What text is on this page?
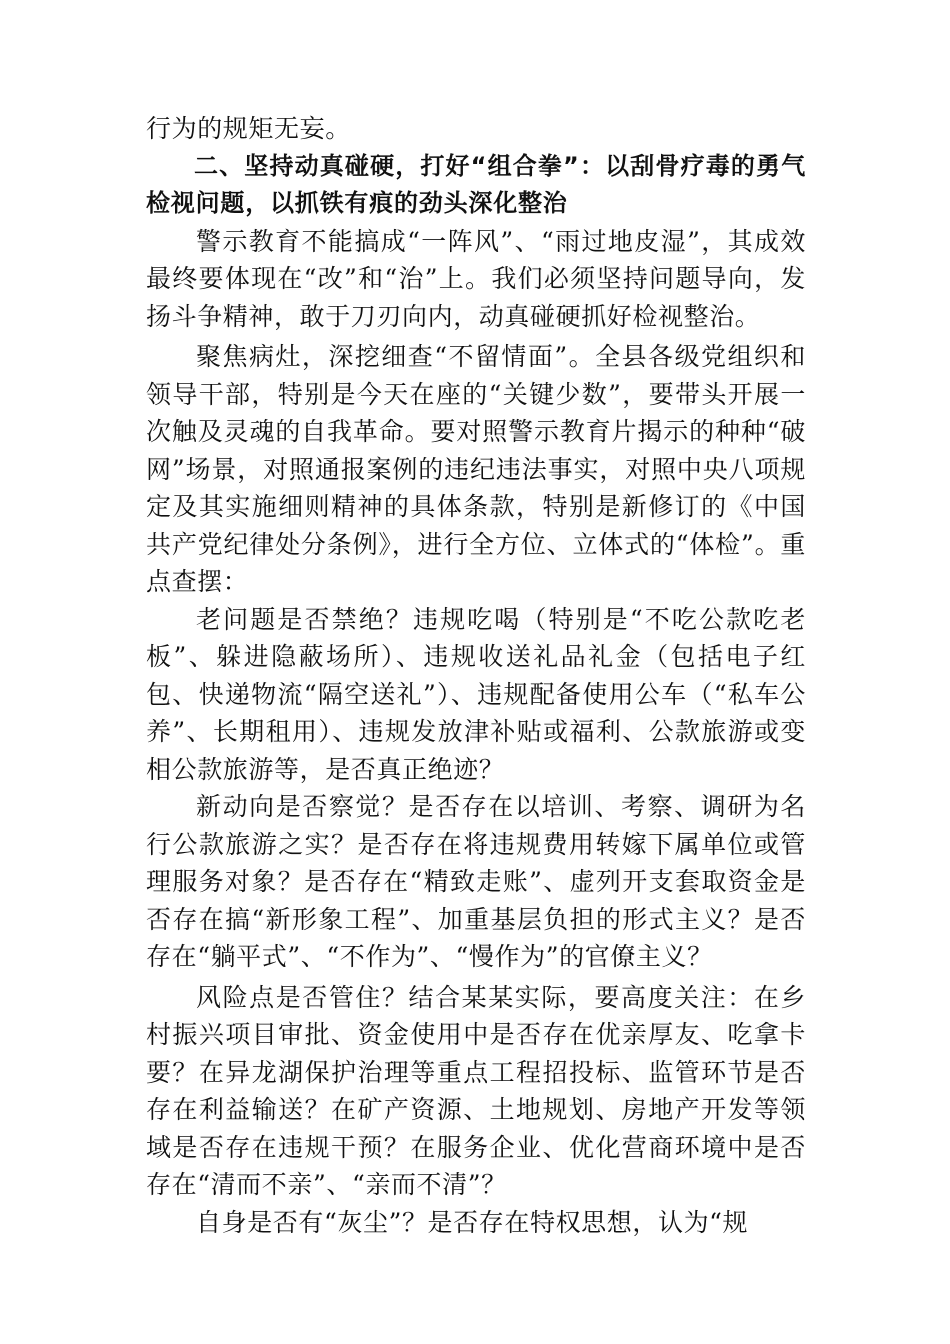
行为的规矩无妄。

二、坚持动真碰硬，打好“组合拳”：以刮骨疗毒的勇气检视问题，以抓铁有痕的劲头深化整治

警示教育不能搞成“一阵风”、“雨过地皮湿”，其成效最终要体现在“改”和“治”上。我们必须坚持问题导向，发扬斗争精神，敢于刀刃向内，动真碰硬抓好检视整治。

聚焦病灶，深挖细查“不留情面”。全县各级党组织和领导干部，特别是今天在座的“关键少数”，要带头开展一次触及灵魂的自我革命。要对照警示教育片揭示的种种“破网”场景，对照通报案例的违纪违法事实，对照中央八项规定及其实施细则精神的具体条款，特别是新修订的《中国共产党纪律处分条例》，进行全方位、立体式的“体检”。重点查摆：

老问题是否禁绝？违规吃喝（特别是“不吃公款吃老板”、躲进隐蔽场所）、违规收送礼品礼金（包括电子红包、快递物流“隔空送礼”）、违规配备使用公车（“私车公养”、长期租用）、违规发放津补贴或福利、公款旅游或变相公款旅游等，是否真正绝迹？

新动向是否察觉？是否存在以培训、考察、调研为名行公款旅游之实？是否存在将违规费用转嫁下属单位或管理服务对象？是否存在“精致走账”、虚列开支套取资金是否存在搞“新形象工程”、加重基层负担的形式主义？是否存在“躺平式”、“不作为”、“慢作为”的官僚主义？

风险点是否管住？结合某某实际，要高度关注：在乡村振兴项目审批、资金使用中是否存在优亲厚友、吃拿卡要？在异龙湖保护治理等重点工程招投标、监管环节是否存在利益输送？在矿产资源、土地规划、房地产开发等领域是否存在违规干预？在服务企业、优化营商环境中是否存在“清而不亲”、“亲而不清”？

自身是否有“灰尘”？是否存在特权思想，认为“规
